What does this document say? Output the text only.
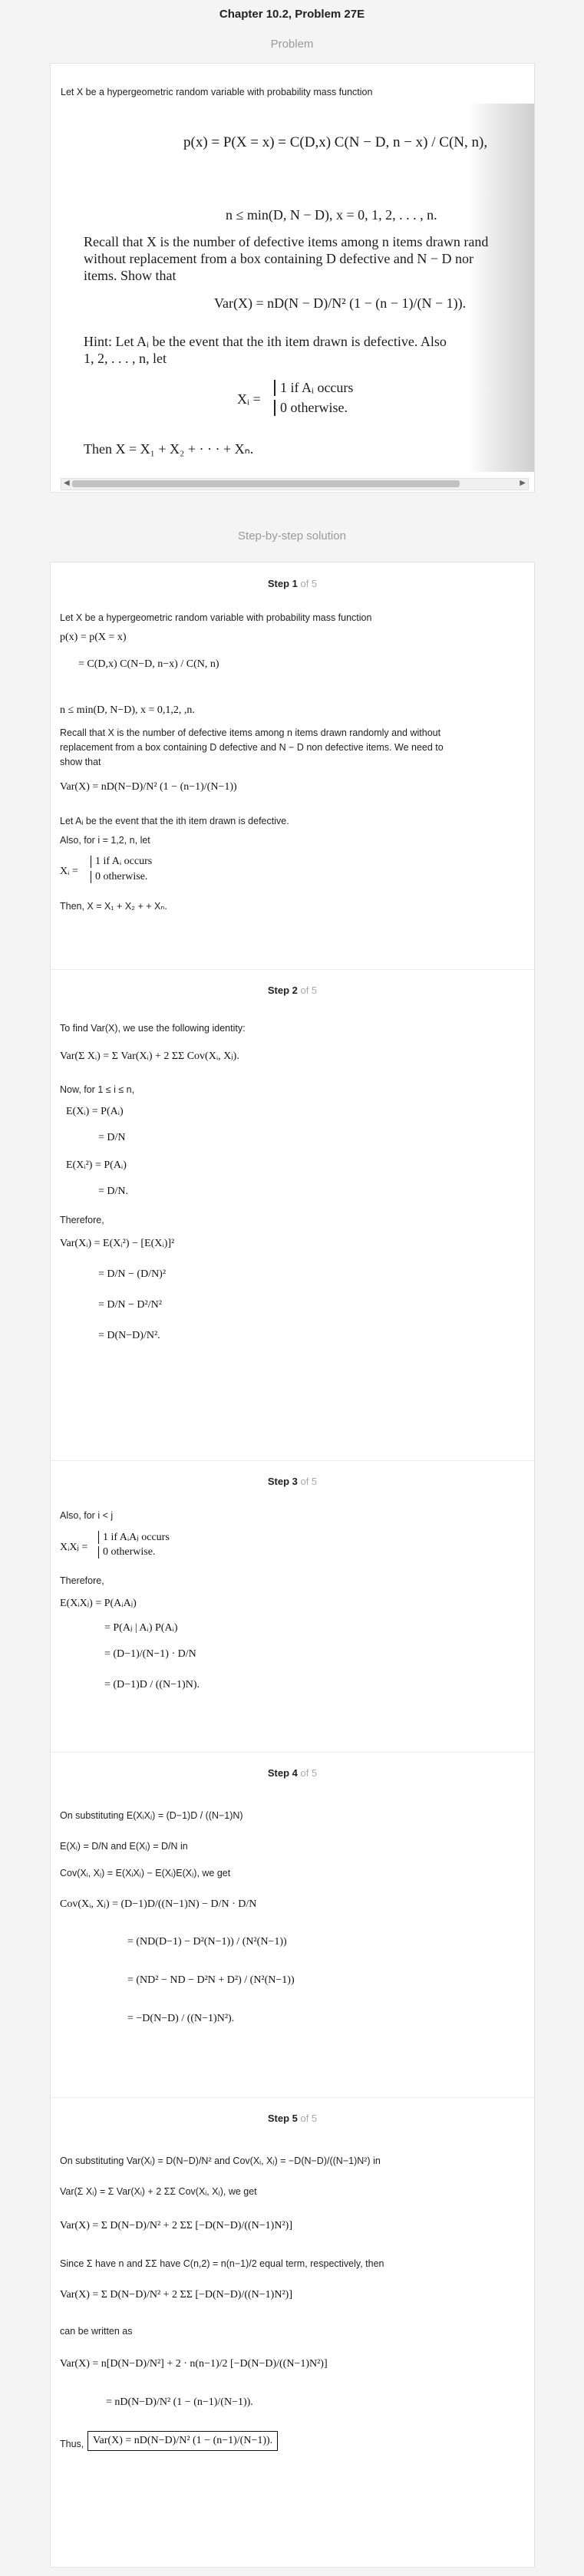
Chapter 10.2, Problem 27E
Problem
Let X be a hypergeometric random variable with probability mass function
p(x) = P(X = x) = C(D,x) C(N − D, n − x) / C(N, n),
n ≤ min(D, N − D), x = 0, 1, 2, . . . , n.
Recall that X is the number of defective items among n items drawn rand
without replacement from a box containing D defective and N − D nor
items. Show that
Var(X) = nD(N − D)/N² (1 − (n − 1)/(N − 1)).
Hint: Let Aᵢ be the event that the ith item drawn is defective. Also
1, 2, . . . , n, let
Xᵢ =
1 if Aᵢ occurs
0 otherwise.
Then X = X₁ + X₂ + · · · + Xₙ.
◀	▶
Step-by-step solution
Step 1 of 5
Let X be a hypergeometric random variable with probability mass function
p(x) = p(X = x)
= C(D,x) C(N−D, n−x) / C(N, n)
n ≤ min(D, N−D), x = 0,1,2, ,n.
Recall that X is the number of defective items among n items drawn randomly and without
replacement from a box containing D defective and N − D non defective items. We need to
show that
Var(X) = nD(N−D)/N² (1 − (n−1)/(N−1))
Let Aᵢ be the event that the ith item drawn is defective.
Also, for i = 1,2, n, let
Xᵢ =
1 if Aᵢ occurs
0 otherwise.
Then, X = X₁ + X₂ + + Xₙ.
Step 2 of 5
To find Var(X), we use the following identity:
Var(Σ Xᵢ) = Σ Var(Xᵢ) + 2 ΣΣ Cov(Xᵢ, Xⱼ).
Now, for 1 ≤ i ≤ n,
E(Xᵢ) = P(Aᵢ)
= D/N
E(Xᵢ²) = P(Aᵢ)
= D/N.
Therefore,
Var(Xᵢ) = E(Xᵢ²) − [E(Xᵢ)]²
= D/N − (D/N)²
= D/N − D²/N²
= D(N−D)/N².
Step 3 of 5
Also, for i < j
XᵢXⱼ =
1 if AᵢAⱼ occurs
0 otherwise.
Therefore,
E(XᵢXⱼ) = P(AᵢAⱼ)
= P(Aⱼ | Aᵢ) P(Aᵢ)
= (D−1)/(N−1) · D/N
= (D−1)D / ((N−1)N).
Step 4 of 5
On substituting E(XᵢXⱼ) = (D−1)D / ((N−1)N)
E(Xᵢ) = D/N and E(Xⱼ) = D/N in
Cov(Xᵢ, Xⱼ) = E(XᵢXⱼ) − E(Xᵢ)E(Xⱼ), we get
Cov(Xᵢ, Xⱼ) = (D−1)D/((N−1)N) − D/N · D/N
= (ND(D−1) − D²(N−1)) / (N²(N−1))
= (ND² − ND − D²N + D²) / (N²(N−1))
= −D(N−D) / ((N−1)N²).
Step 5 of 5
On substituting Var(Xᵢ) = D(N−D)/N² and Cov(Xᵢ, Xⱼ) = −D(N−D)/((N−1)N²) in
Var(Σ Xᵢ) = Σ Var(Xᵢ) + 2 ΣΣ Cov(Xᵢ, Xⱼ), we get
Var(X) = Σ D(N−D)/N² + 2 ΣΣ [−D(N−D)/((N−1)N²)]
Since Σ have n and ΣΣ have C(n,2) = n(n−1)/2 equal term, respectively, then
Var(X) = Σ D(N−D)/N² + 2 ΣΣ [−D(N−D)/((N−1)N²)]
can be written as
Var(X) = n[D(N−D)/N²] + 2 · n(n−1)/2 [−D(N−D)/((N−1)N²)]
= nD(N−D)/N² (1 − (n−1)/(N−1)).
Thus, Var(X) = nD(N−D)/N² (1 − (n−1)/(N−1)).
